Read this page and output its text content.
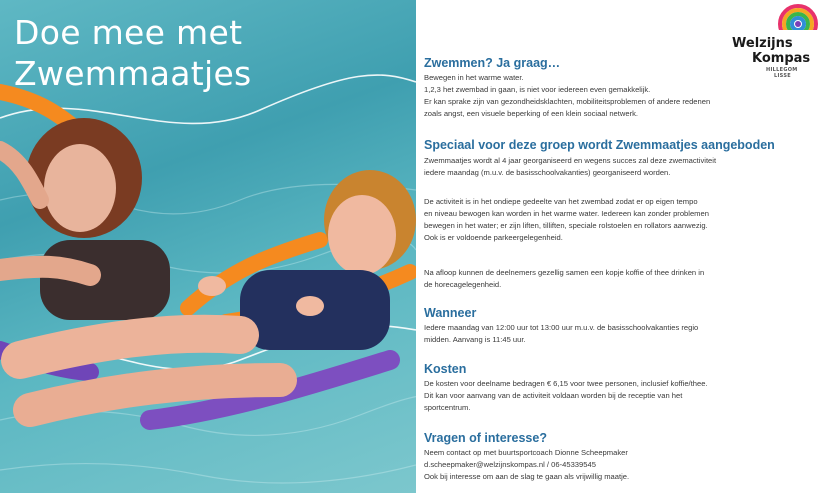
Doe mee met
Zwemmaatjes
Welzijns
Kompas
HILLEGOM
LISSE
Zwemmen? Ja graag…

Bewegen in het warme water.

1,2,3 het zwembad in gaan, is niet voor iedereen even gemakkelijk.

Er kan sprake zijn van gezondheidsklachten, mobiliteitsproblemen of andere redenen

zoals angst, een visuele beperking of een klein sociaal netwerk.

Speciaal voor deze groep wordt Zwemmaatjes aangeboden

Zwemmaatjes wordt al 4 jaar georganiseerd en wegens succes zal deze zwemactiviteit

iedere maandag (m.u.v. de basisschoolvakanties) georganiseerd worden.

De activiteit is in het ondiepe gedeelte van het zwembad zodat er op eigen tempo

en niveau bewogen kan worden in het warme water. Iedereen kan zonder problemen

bewegen in het water; er zijn liften, tilliften, speciale rolstoelen en rollators aanwezig.

Ook is er voldoende parkeergelegenheid.

Na afloop kunnen de deelnemers gezellig samen een kopje koffie of thee drinken in

de horecagelegenheid.

Wanneer

Iedere maandag van 12:00 uur tot 13:00 uur m.u.v. de basisschoolvakanties regio

midden. Aanvang is 11:45 uur.

Kosten

De kosten voor deelname bedragen € 6,15 voor twee personen, inclusief koffie/thee.

Dit kan voor aanvang van de activiteit voldaan worden bij de receptie van het

sportcentrum.

Vragen of interesse?

Neem contact op met buurtsportcoach Dionne Scheepmaker

d.scheepmaker@welzijnskompas.nl / 06-45339545

Ook bij interesse om aan de slag te gaan als vrijwillig maatje.
